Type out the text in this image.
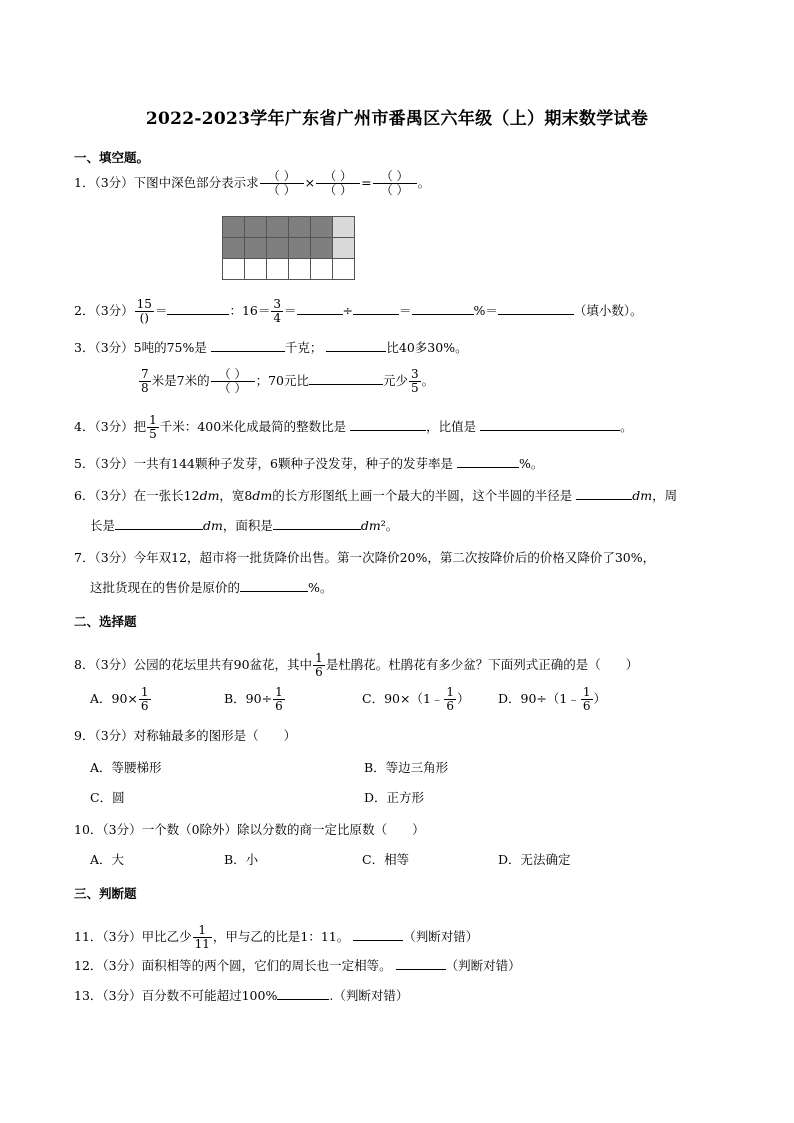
2022-2023学年广东省广州市番禺区六年级（上）期末数学试卷
一、填空题。
1．（3分）下图中深色部分表示求 $\frac{( )}{( )} \times \frac{( )}{( )} = \frac{( )}{( )}$ 。

2．（3分） $\frac{15}{()}$ ＝	：$16= \frac{3}{4}$ ＝	÷	＝	%＝	（填小数）。
3．（3分）5吨的75%是	千克；	比40多30%。
$\frac{7}{8}$ 米是7米的 $\frac{( )}{( )}$ ；70元比	元少 $\frac{3}{5}$ 。
4．（3分）把 $\frac{1}{5}$ 千米：400米化成最简的整数比是	，比值是	。
5．（3分）一共有144颗种子发芽，6颗种子没发芽，种子的发芽率是	%。
6．（3分）在一张长12dm，宽8dm的长方形图纸上画一个最大的半圆，这个半圆的半径是	dm，周
长是	dm，面积是	dm²。
7．（3分）今年双12，超市将一批货降价出售。第一次降价20%，第二次按降价后的价格又降价了30%，
这批货现在的售价是原价的	%。
二、选择题
8．（3分）公园的花坛里共有90盆花，其中 $\frac{1}{6}$ 是杜鹃花。杜鹃花有多少盆？下面列式正确的是（　　）
A．$90\times \frac{1}{6}$	B．$90\div \frac{1}{6}$	C．90×（1﹣ $\frac{1}{6}$ ） D．90÷（1﹣ $\frac{1}{6}$ ）
9．（3分）对称轴最多的图形是（　　）
A．等腰梯形	B．等边三角形
C．圆	D．正方形
10．（3分）一个数（0除外）除以分数的商一定比原数（　　）
A．大	B．小	C．相等	D．无法确定
三、判断题
11．（3分）甲比乙少 $\frac{1}{11}$ ，甲与乙的比是1：11。	（判断对错）
12．（3分）面积相等的两个圆，它们的周长也一定相等。	（判断对错）
13．（3分）百分数不可能超过100%	.（判断对错）
